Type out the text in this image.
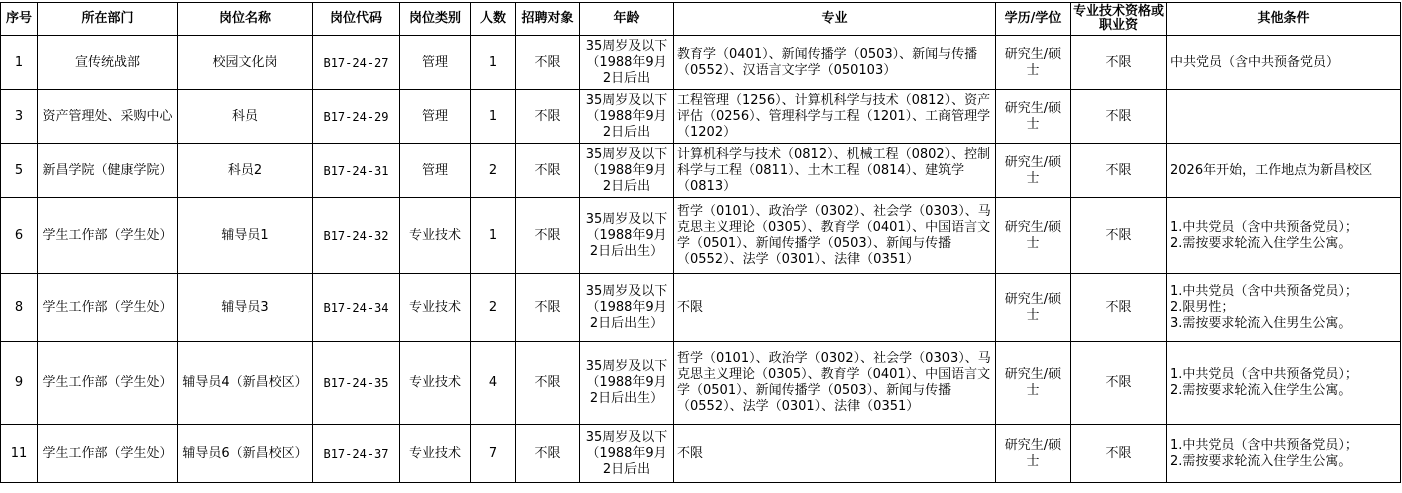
序号	所在部门	岗位名称	岗位代码	岗位类别	人数	招聘对象	年龄	专业	学历/学位	专业技术资格或职业资	其他条件

1	宣传统战部	校园文化岗	B17-24-27	管理	1	不限	35周岁及以下（1988年9月2日后出	教育学（0401）、新闻传播学（0503）、新闻与传播（0552）、汉语言文字学（050103）	研究生/硕士	不限	中共党员（含中共预备党员）

3	资产管理处、采购中心	科员	B17-24-29	管理	1	不限	35周岁及以下（1988年9月2日后出	工程管理（1256）、计算机科学与技术（0812）、资产评估（0256）、管理科学与工程（1201）、工商管理学（1202）	研究生/硕士	不限	

5	新昌学院（健康学院）	科员2	B17-24-31	管理	2	不限	35周岁及以下（1988年9月2日后出	计算机科学与技术（0812）、机械工程（0802）、控制科学与工程（0811）、土木工程（0814）、建筑学（0813）	研究生/硕士	不限	2026年开始，工作地点为新昌校区

6	学生工作部（学生处）	辅导员1	B17-24-32	专业技术	1	不限	35周岁及以下（1988年9月2日后出生）	哲学（0101）、政治学（0302）、社会学（0303）、马克思主义理论（0305）、教育学（0401）、中国语言文学（0501）、新闻传播学（0503）、新闻与传播（0552）、法学（0301）、法律（0351）	研究生/硕士	不限	1.中共党员（含中共预备党员）；
2.需按要求轮流入住学生公寓。

8	学生工作部（学生处）	辅导员3	B17-24-34	专业技术	2	不限	35周岁及以下（1988年9月2日后出生）	不限	研究生/硕士	不限	1.中共党员（含中共预备党员）；
2.限男性；
3.需按要求轮流入住男生公寓。

9	学生工作部（学生处）	辅导员4（新昌校区）	B17-24-35	专业技术	4	不限	35周岁及以下（1988年9月2日后出生）	哲学（0101）、政治学（0302）、社会学（0303）、马克思主义理论（0305）、教育学（0401）、中国语言文学（0501）、新闻传播学（0503）、新闻与传播（0552）、法学（0301）、法律（0351）	研究生/硕士	不限	1.中共党员（含中共预备党员）；
2.需按要求轮流入住学生公寓。

11	学生工作部（学生处）	辅导员6（新昌校区）	B17-24-37	专业技术	7	不限	35周岁及以下（1988年9月2日后出	不限	研究生/硕士	不限	1.中共党员（含中共预备党员）；
2.需按要求轮流入住学生公寓。
